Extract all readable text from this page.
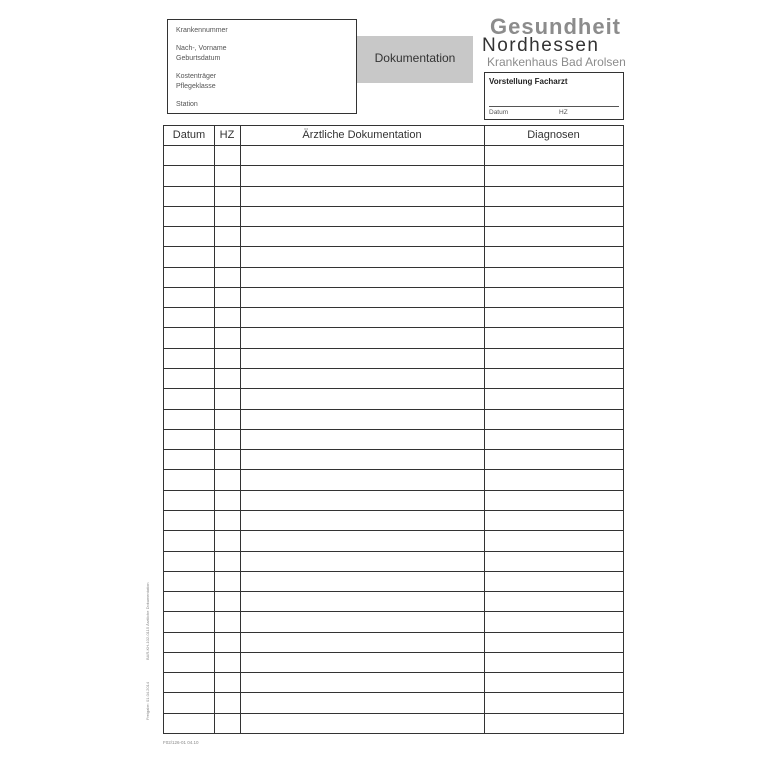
Krankennummer
Nach-, Vorname
Geburtsdatum
Kostenträger
Pflegeklasse
Station
Dokumentation
Gesundheit
Nordhessen
Krankenhaus Bad Arolsen
Vorstellung Facharzt
Datum	HZ
Datum	HZ	Ärztliche Dokumentation	Diagnosen
BAR-KH-102-0115 Ärztliche Dokumentation
Freigabe: 01.04.2014
F02/126-01 04.10
